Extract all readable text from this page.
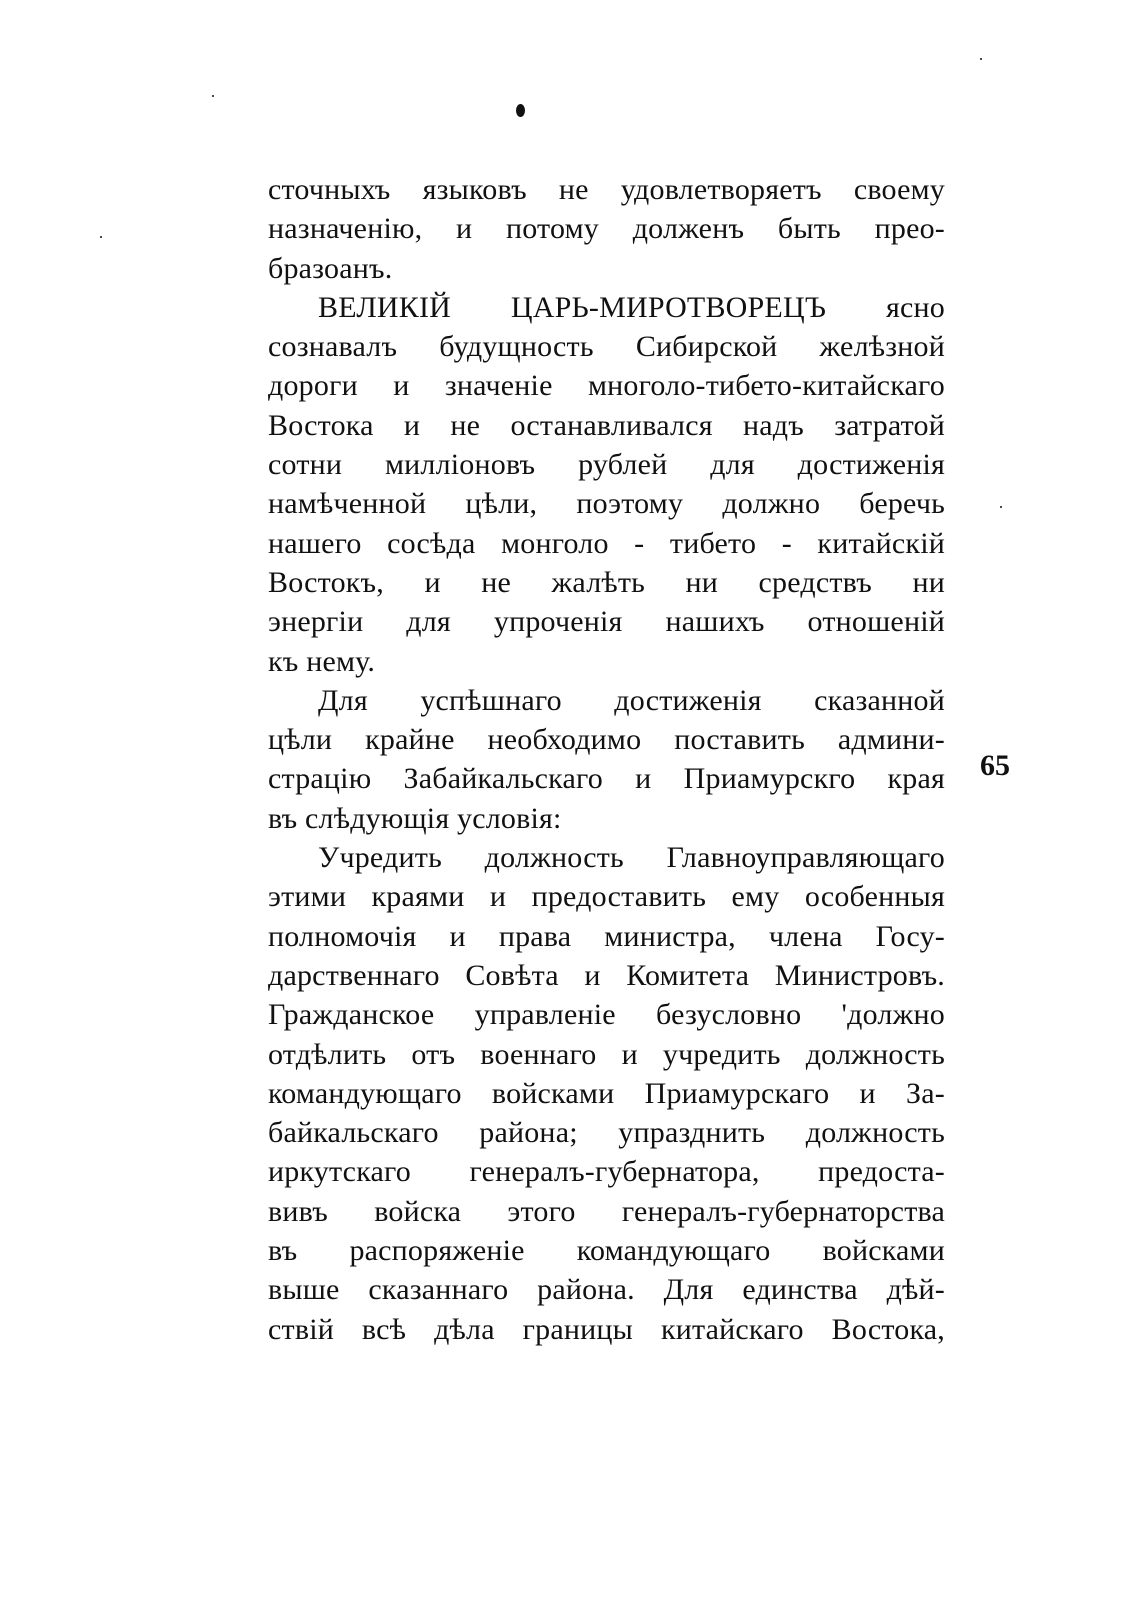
сточныхъ языковъ не удовлетворяетъ своему
назначенію, и потому долженъ быть прео-
бразоанъ.
ВЕЛИКІЙ ЦАРЬ-МИРОТВОРЕЦЪ ясно
сознавалъ будущность Сибирской желѣзной
дороги и значеніе многоло-тибето-китайскаго
Востока и не останавливался надъ затратой
сотни милліоновъ рублей для достиженія
намѣченной цѣли, поэтому должно беречь
нашего сосѣда монголо - тибето - китайскій
Востокъ, и не жалѣть ни средствъ ни
энергіи для упроченія нашихъ отношеній
къ нему.
Для успѣшнаго достиженія сказанной
цѣли крайне необходимо поставить админи-
страцію Забайкальскаго и Приамурскго края
въ слѣдующія условія:
Учредить должность Главноуправляющаго
этими краями и предоставить ему особенныя
полномочія и права министра, члена Госу-
дарственнаго Совѣта и Комитета Министровъ.
Гражданское управленіе безусловно 'должно
отдѣлить отъ военнаго и учредить должность
командующаго войсками Приамурскаго и За-
байкальскаго района; упразднить должность
иркутскаго генералъ-губернатора, предоста-
вивъ войска этого генералъ-губернаторства
въ распоряженіе командующаго войсками
выше сказаннаго района. Для единства дѣй-
ствій всѣ дѣла границы китайскаго Востока,
65
